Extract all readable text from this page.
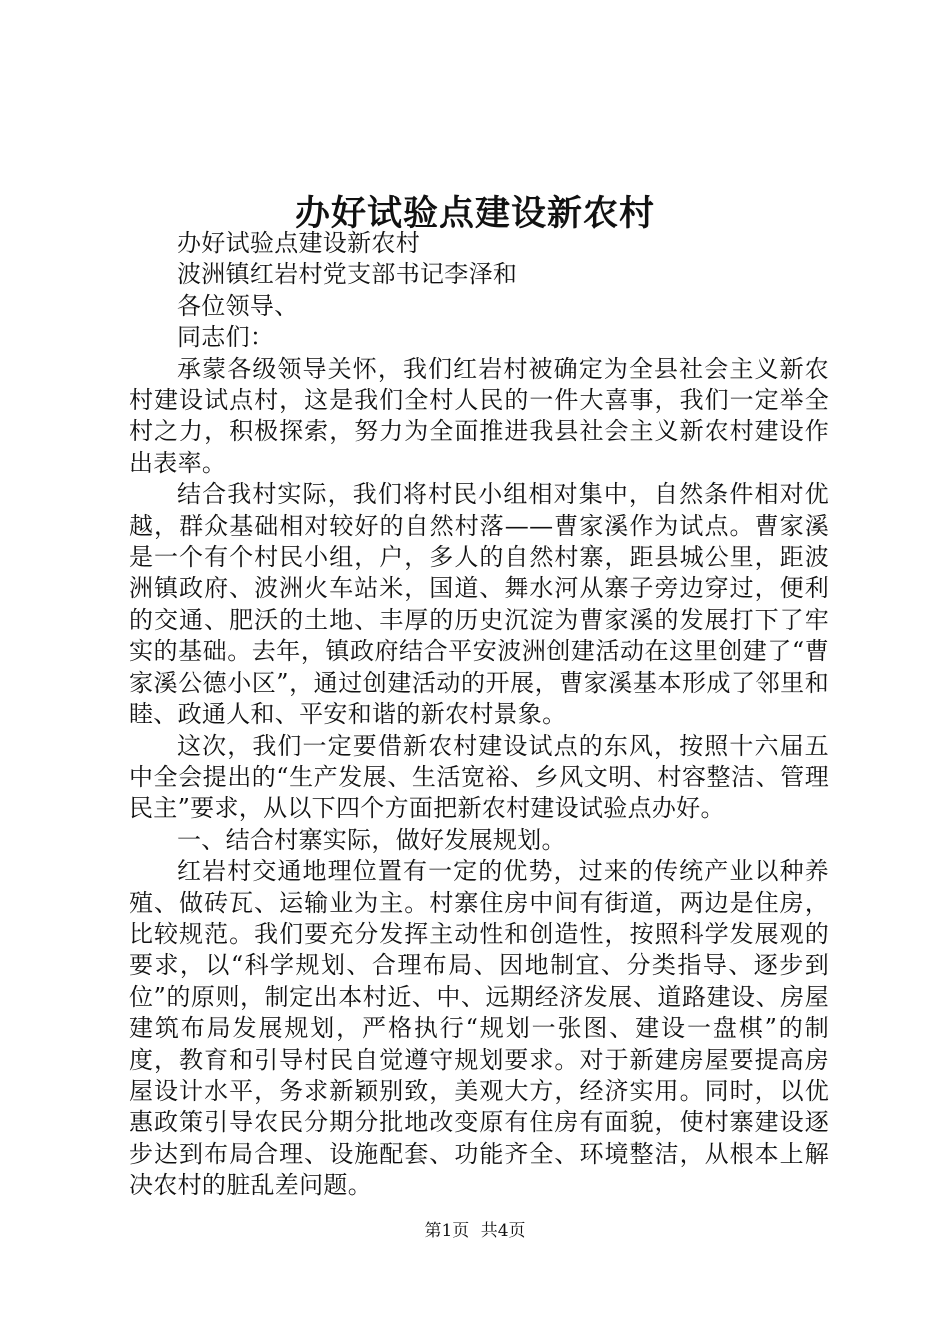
办好试验点建设新农村

办好试验点建设新农村

波洲镇红岩村党支部书记李泽和

各位领导、

同志们：

承蒙各级领导关怀，我们红岩村被确定为全县社会主义新农村建设试点村，这是我们全村人民的一件大喜事，我们一定举全村之力，积极探索，努力为全面推进我县社会主义新农村建设作出表率。

结合我村实际，我们将村民小组相对集中，自然条件相对优越，群众基础相对较好的自然村落——曹家溪作为试点。曹家溪是一个有个村民小组，户，多人的自然村寨，距县城公里，距波洲镇政府、波洲火车站米，国道、舞水河从寨子旁边穿过，便利的交通、肥沃的土地、丰厚的历史沉淀为曹家溪的发展打下了牢实的基础。去年，镇政府结合平安波洲创建活动在这里创建了“曹家溪公德小区”，通过创建活动的开展，曹家溪基本形成了邻里和睦、政通人和、平安和谐的新农村景象。

这次，我们一定要借新农村建设试点的东风，按照十六届五中全会提出的“生产发展、生活宽裕、乡风文明、村容整洁、管理民主”要求，从以下四个方面把新农村建设试验点办好。

一、结合村寨实际，做好发展规划。

红岩村交通地理位置有一定的优势，过来的传统产业以种养殖、做砖瓦、运输业为主。村寨住房中间有街道，两边是住房，比较规范。我们要充分发挥主动性和创造性，按照科学发展观的要求，以“科学规划、合理布局、因地制宜、分类指导、逐步到位”的原则，制定出本村近、中、远期经济发展、道路建设、房屋建筑布局发展规划，严格执行“规划一张图、建设一盘棋”的制度，教育和引导村民自觉遵守规划要求。对于新建房屋要提高房屋设计水平，务求新颖别致，美观大方，经济实用。同时，以优惠政策引导农民分期分批地改变原有住房有面貌，使村寨建设逐步达到布局合理、设施配套、功能齐全、环境整洁，从根本上解决农村的脏乱差问题。

第1页 共4页
